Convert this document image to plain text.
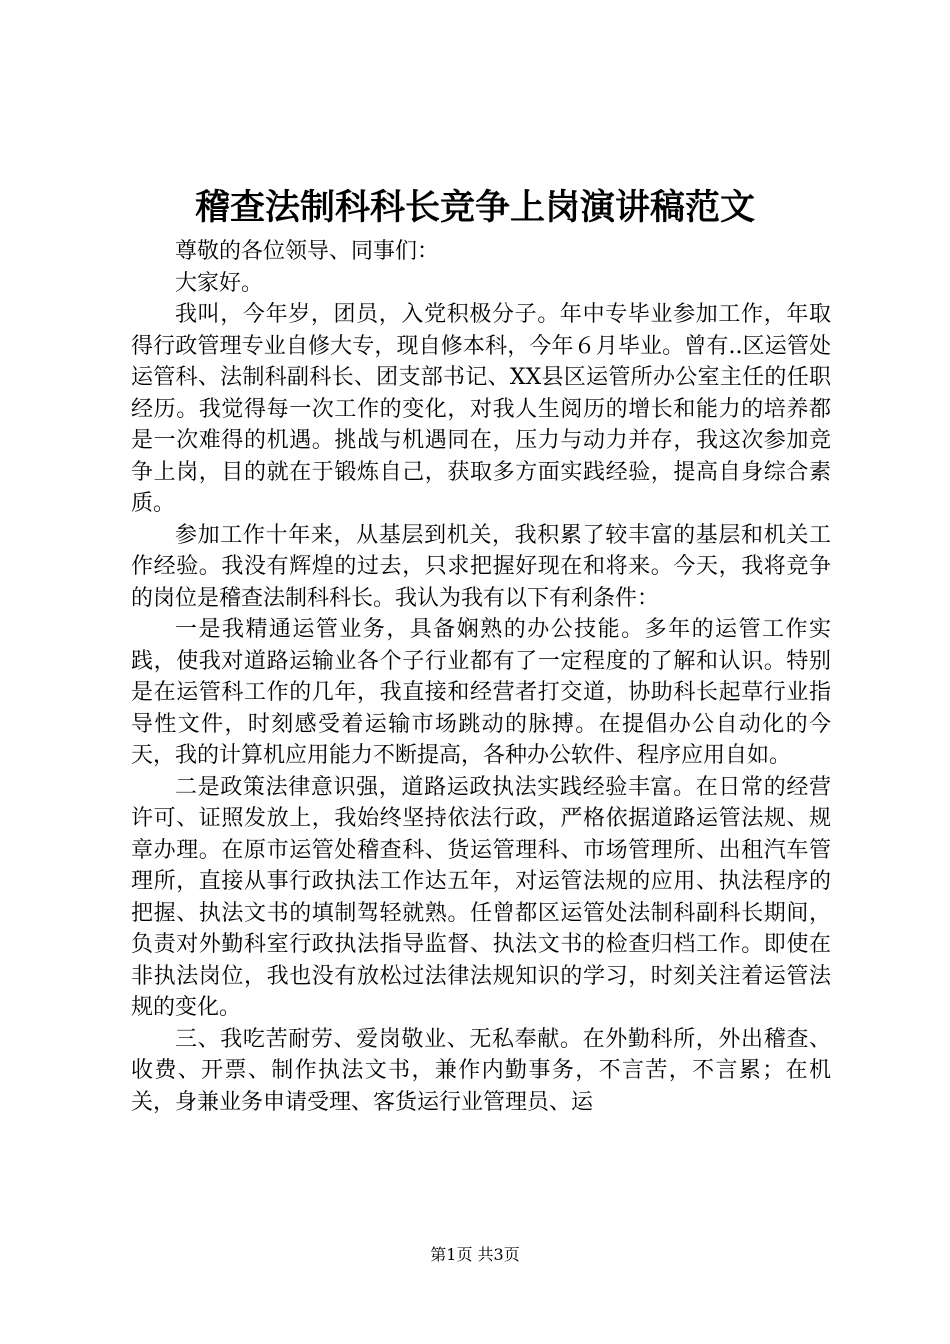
稽查法制科科长竞争上岗演讲稿范文

尊敬的各位领导、同事们：

大家好。

我叫，今年岁，团员，入党积极分子。年中专毕业参加工作，年取得行政管理专业自修大专，现自修本科，今年６月毕业。曾有..区运管处运管科、法制科副科长、团支部书记、XX县区运管所办公室主任的任职经历。我觉得每一次工作的变化，对我人生阅历的增长和能力的培养都是一次难得的机遇。挑战与机遇同在，压力与动力并存，我这次参加竞争上岗，目的就在于锻炼自己，获取多方面实践经验，提高自身综合素质。

参加工作十年来，从基层到机关，我积累了较丰富的基层和机关工作经验。我没有辉煌的过去，只求把握好现在和将来。今天，我将竞争的岗位是稽查法制科科长。我认为我有以下有利条件：

一是我精通运管业务，具备娴熟的办公技能。多年的运管工作实践，使我对道路运输业各个子行业都有了一定程度的了解和认识。特别是在运管科工作的几年，我直接和经营者打交道，协助科长起草行业指导性文件，时刻感受着运输市场跳动的脉搏。在提倡办公自动化的今天，我的计算机应用能力不断提高，各种办公软件、程序应用自如。

二是政策法律意识强，道路运政执法实践经验丰富。在日常的经营许可、证照发放上，我始终坚持依法行政，严格依据道路运管法规、规章办理。在原市运管处稽查科、货运管理科、市场管理所、出租汽车管理所，直接从事行政执法工作达五年，对运管法规的应用、执法程序的把握、执法文书的填制驾轻就熟。任曾都区运管处法制科副科长期间，负责对外勤科室行政执法指导监督、执法文书的检查归档工作。即使在非执法岗位，我也没有放松过法律法规知识的学习，时刻关注着运管法规的变化。

三、我吃苦耐劳、爱岗敬业、无私奉献。在外勤科所，外出稽查、收费、开票、制作执法文书，兼作内勤事务，不言苦，不言累；在机关，身兼业务申请受理、客货运行业管理员、运

第1页 共3页
